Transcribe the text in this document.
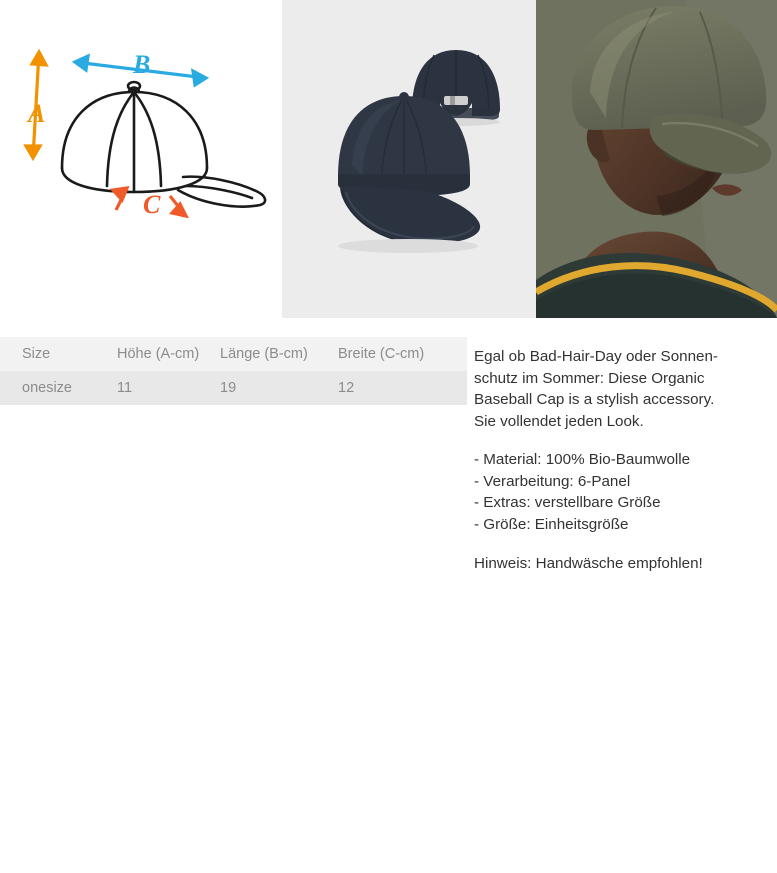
B
A
C
Size	Höhe (A-cm)	Länge (B-cm)	Breite (C-cm)
onesize	11	19	12

Egal ob Bad-Hair-Day oder Sonnen-
schutz im Sommer: Diese Organic
Baseball Cap is a stylish accessory.
Sie vollendet jeden Look.

- Material: 100% Bio-Baumwolle
- Verarbeitung: 6-Panel
- Extras: verstellbare Größe
- Größe: Einheitsgröße

Hinweis: Handwäsche empfohlen!
